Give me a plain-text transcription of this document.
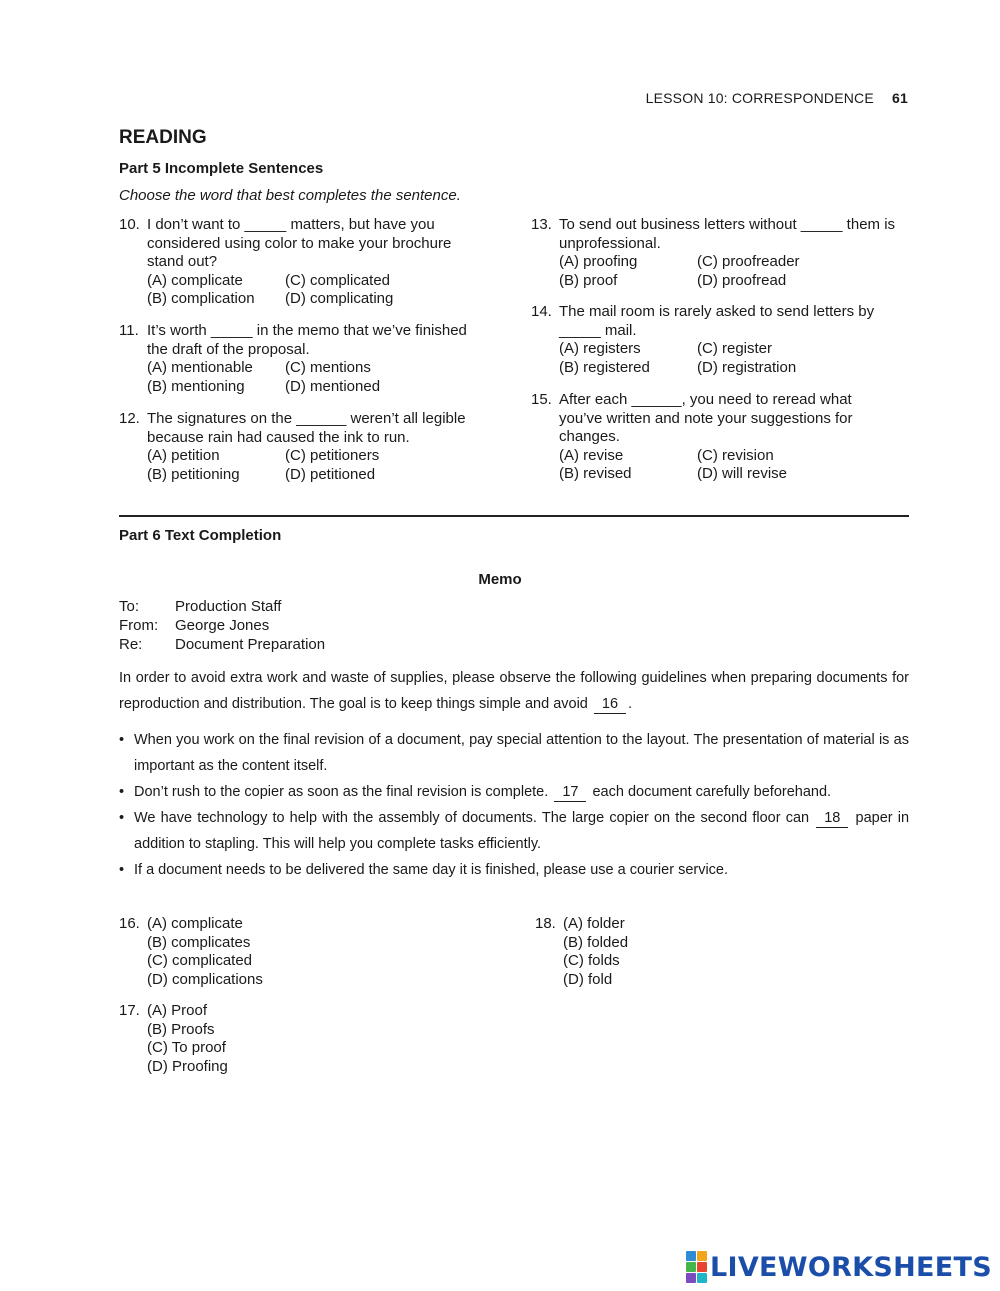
LESSON 10: CORRESPONDENCE 61
READING
Part 5 Incomplete Sentences
Choose the word that best completes the sentence.
10. I don’t want to _____ matters, but have you
considered using color to make your brochure
stand out?
(A) complicate	(C) complicated
(B) complication	(D) complicating
11. It’s worth _____ in the memo that we’ve finished
the draft of the proposal.
(A) mentionable	(C) mentions
(B) mentioning	(D) mentioned
12. The signatures on the ______ weren’t all legible
because rain had caused the ink to run.
(A) petition	(C) petitioners
(B) petitioning	(D) petitioned
13. To send out business letters without _____ them is
unprofessional.
(A) proofing	(C) proofreader
(B) proof	(D) proofread
14. The mail room is rarely asked to send letters by
_____ mail.
(A) registers	(C) register
(B) registered	(D) registration
15. After each ______, you need to reread what
you’ve written and note your suggestions for
changes.
(A) revise	(C) revision
(B) revised	(D) will revise
Part 6 Text Completion
Memo
To:	Production Staff
From:	George Jones
Re:	Document Preparation
In order to avoid extra work and waste of supplies, please observe the following guidelines when preparing documents for reproduction and distribution. The goal is to keep things simple and avoid 16 .
• When you work on the final revision of a document, pay special attention to the layout. The presentation of material is as important as the content itself.
• Don’t rush to the copier as soon as the final revision is complete. 17 each document carefully beforehand.
• We have technology to help with the assembly of documents. The large copier on the second floor can 18 paper in addition to stapling. This will help you complete tasks efficiently.
• If a document needs to be delivered the same day it is finished, please use a courier service.
16. (A) complicate
(B) complicates
(C) complicated
(D) complications
17. (A) Proof
(B) Proofs
(C) To proof
(D) Proofing
18. (A) folder
(B) folded
(C) folds
(D) fold
LIVEWORKSHEETS
